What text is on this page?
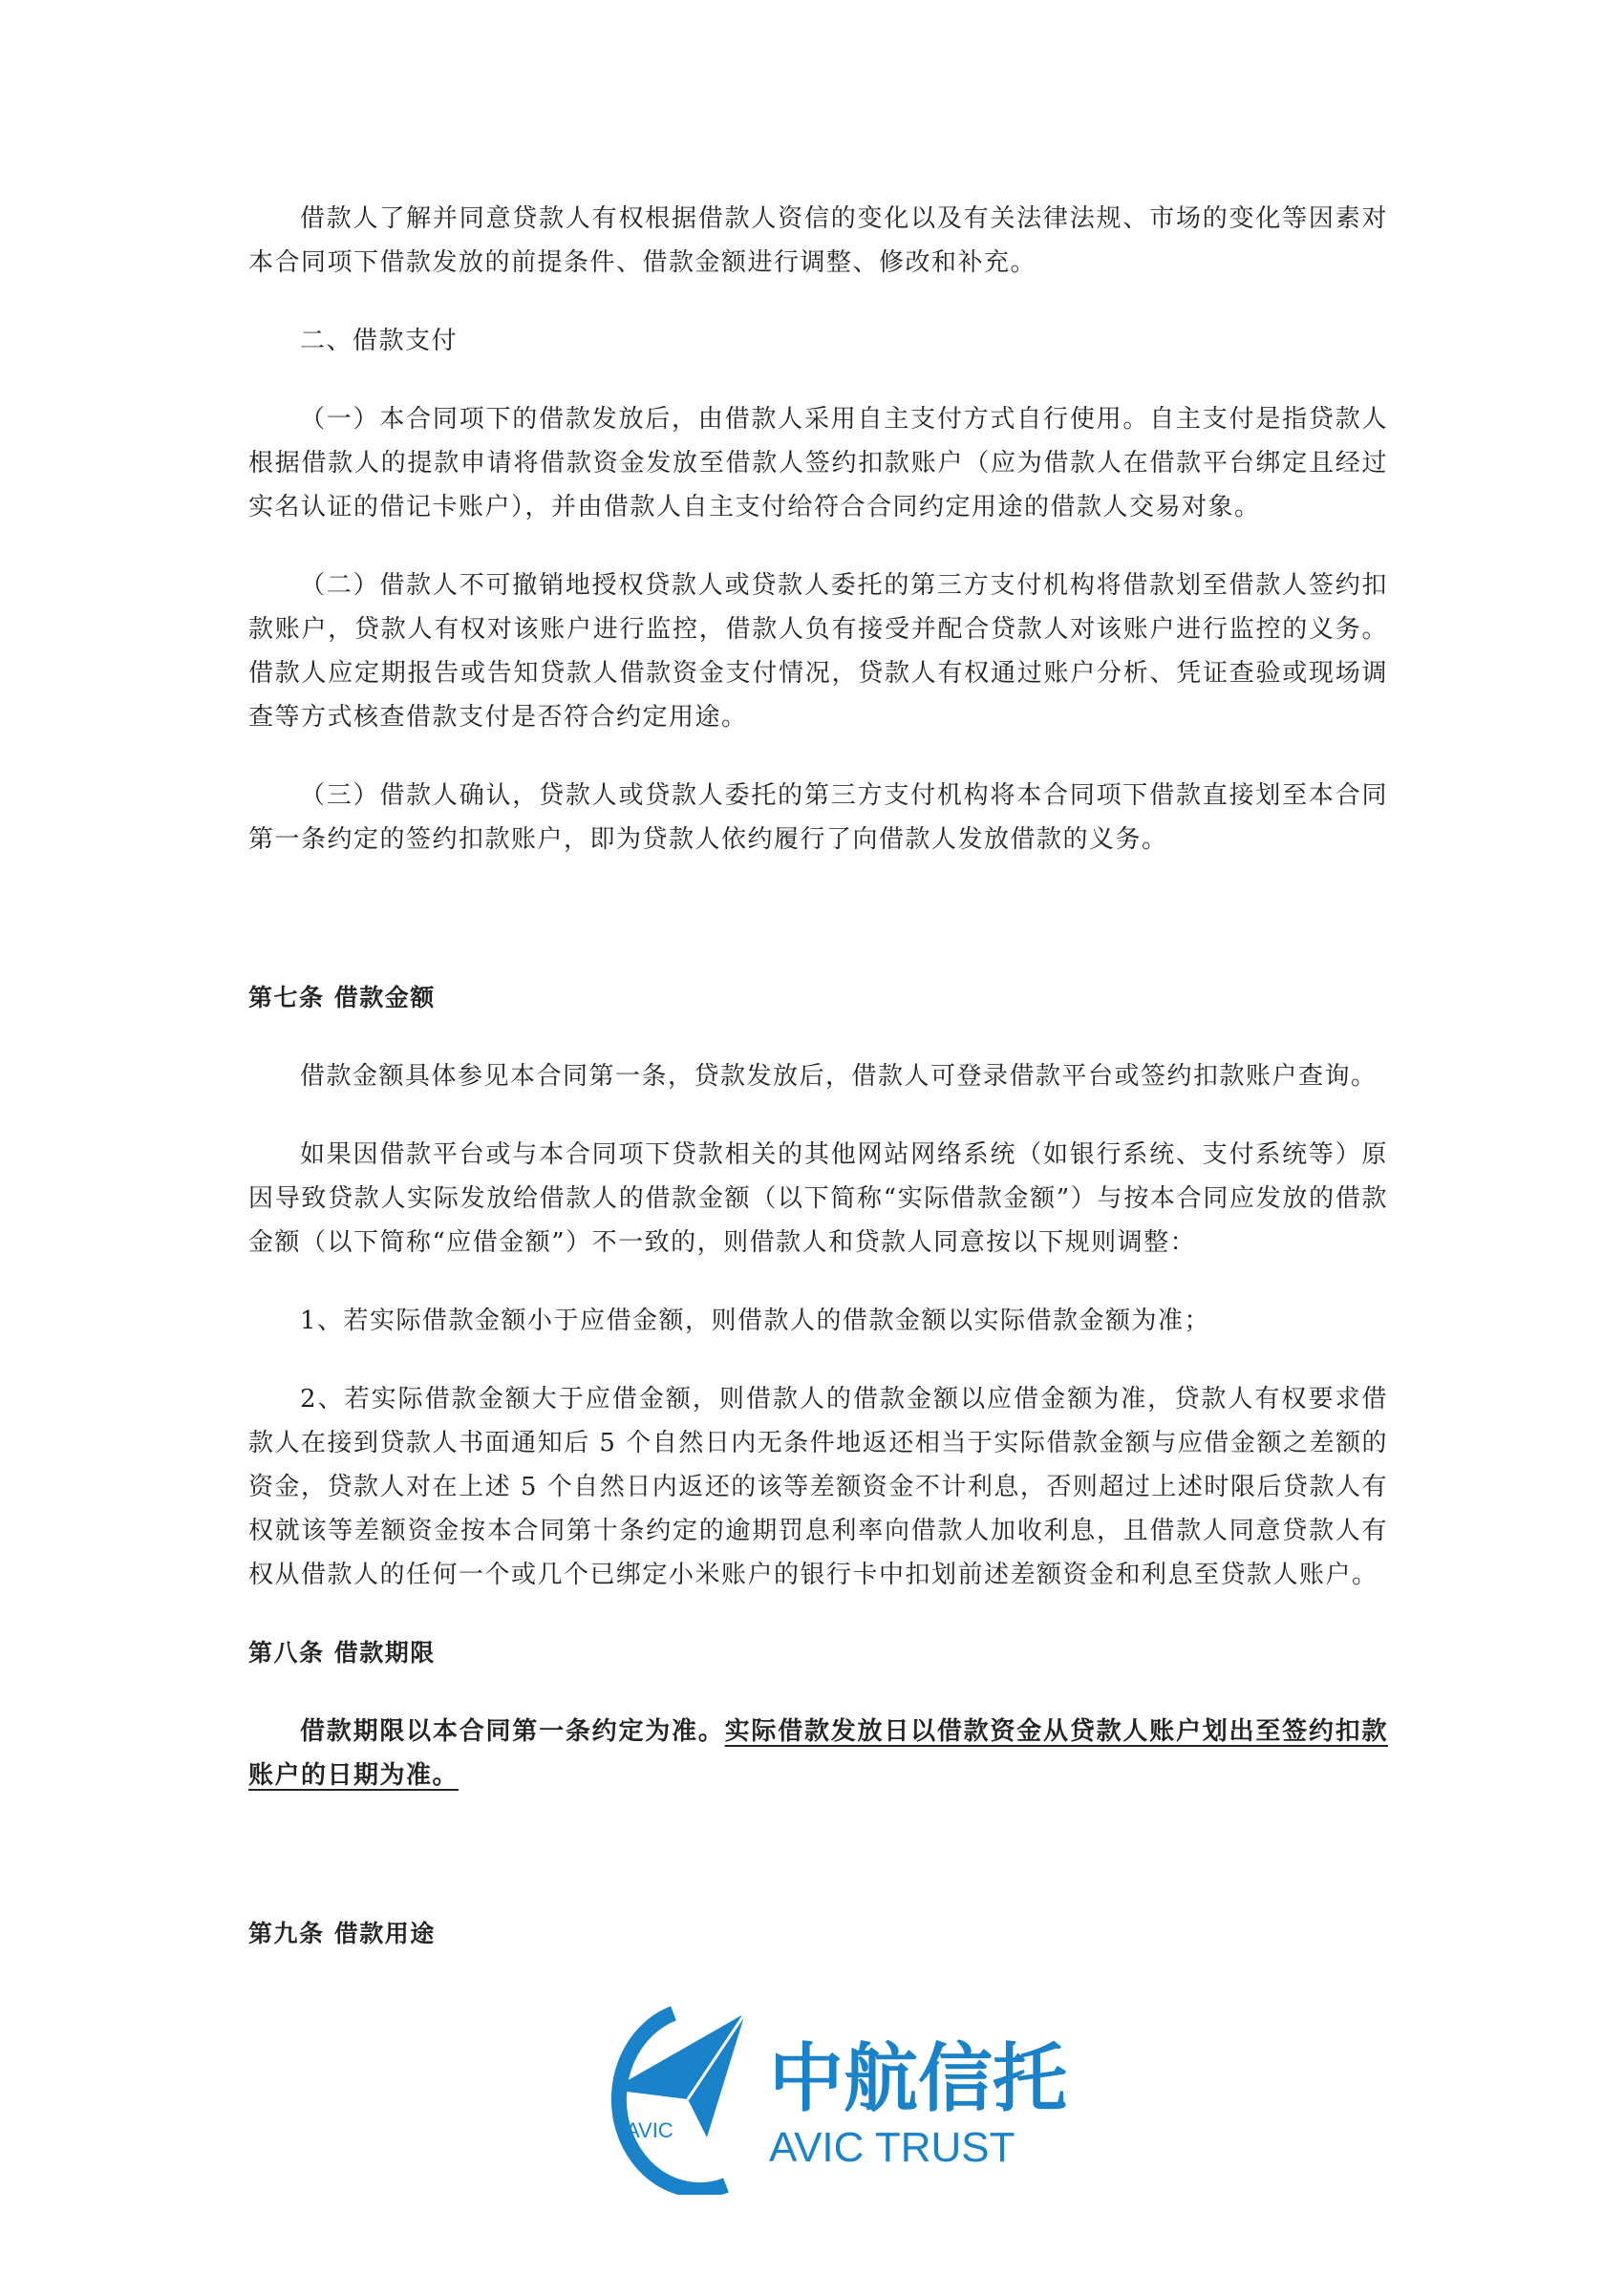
借款人了解并同意贷款人有权根据借款人资信的变化以及有关法律法规、市场的变化等因素对本合同项下借款发放的前提条件、借款金额进行调整、修改和补充。
二、借款支付
（一）本合同项下的借款发放后，由借款人采用自主支付方式自行使用。自主支付是指贷款人根据借款人的提款申请将借款资金发放至借款人签约扣款账户（应为借款人在借款平台绑定且经过实名认证的借记卡账户），并由借款人自主支付给符合合同约定用途的借款人交易对象。
（二）借款人不可撤销地授权贷款人或贷款人委托的第三方支付机构将借款划至借款人签约扣款账户，贷款人有权对该账户进行监控，借款人负有接受并配合贷款人对该账户进行监控的义务。借款人应定期报告或告知贷款人借款资金支付情况，贷款人有权通过账户分析、凭证查验或现场调查等方式核查借款支付是否符合约定用途。
（三）借款人确认，贷款人或贷款人委托的第三方支付机构将本合同项下借款直接划至本合同第一条约定的签约扣款账户，即为贷款人依约履行了向借款人发放借款的义务。
第七条 借款金额
借款金额具体参见本合同第一条，贷款发放后，借款人可登录借款平台或签约扣款账户查询。
如果因借款平台或与本合同项下贷款相关的其他网站网络系统（如银行系统、支付系统等）原因导致贷款人实际发放给借款人的借款金额（以下简称“实际借款金额”）与按本合同应发放的借款金额（以下简称“应借金额”）不一致的，则借款人和贷款人同意按以下规则调整：
1、若实际借款金额小于应借金额，则借款人的借款金额以实际借款金额为准；
2、若实际借款金额大于应借金额，则借款人的借款金额以应借金额为准，贷款人有权要求借款人在接到贷款人书面通知后 5 个自然日内无条件地返还相当于实际借款金额与应借金额之差额的资金，贷款人对在上述 5 个自然日内返还的该等差额资金不计利息，否则超过上述时限后贷款人有权就该等差额资金按本合同第十条约定的逾期罚息利率向借款人加收利息，且借款人同意贷款人有权从借款人的任何一个或几个已绑定小米账户的银行卡中扣划前述差额资金和利息至贷款人账户。
第八条 借款期限
借款期限以本合同第一条约定为准。实际借款发放日以借款资金从贷款人账户划出至签约扣款账户的日期为准。
第九条 借款用途
AVIC
中航信托
AVIC TRUST
